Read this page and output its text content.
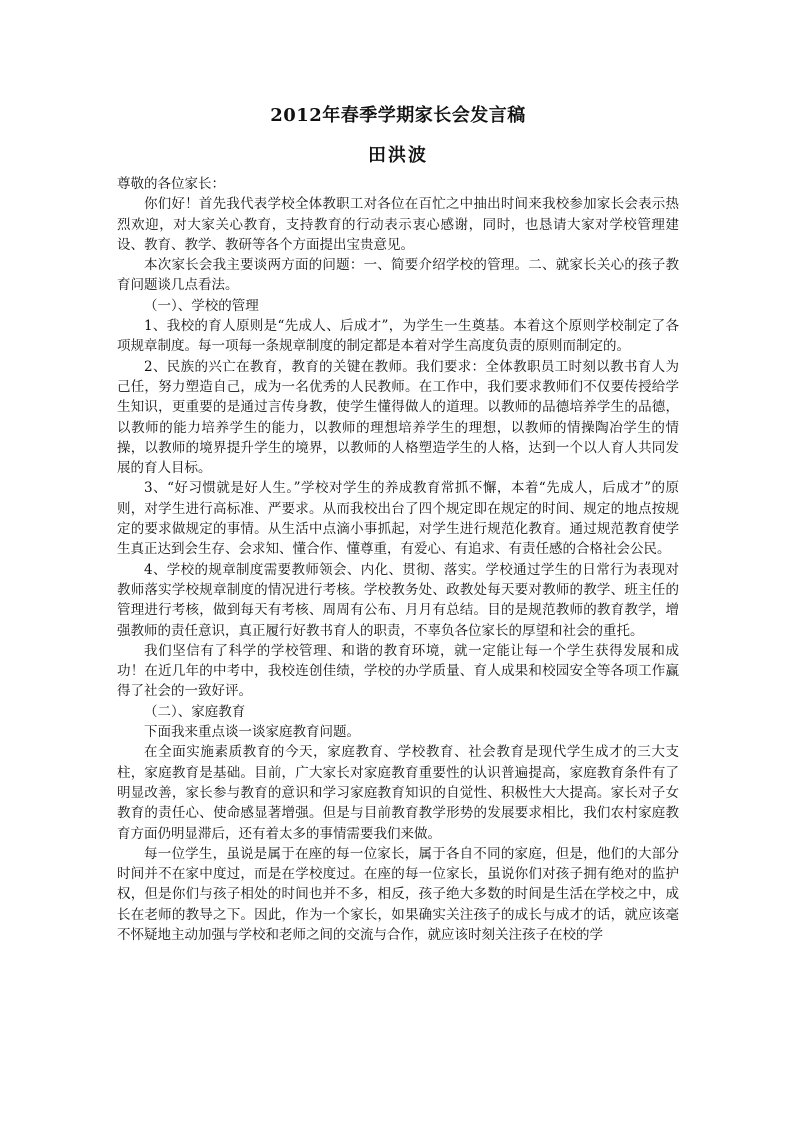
2012年春季学期家长会发言稿
田洪波

尊敬的各位家长：

你们好！首先我代表学校全体教职工对各位在百忙之中抽出时间来我校参加家长会表示热烈欢迎，对大家关心教育，支持教育的行动表示衷心感谢，同时，也恳请大家对学校管理建设、教育、教学、教研等各个方面提出宝贵意见。

本次家长会我主要谈两方面的问题：一、简要介绍学校的管理。二、就家长关心的孩子教育问题谈几点看法。

（一）、学校的管理

1、我校的育人原则是“先成人、后成才”，为学生一生奠基。本着这个原则学校制定了各项规章制度。每一项每一条规章制度的制定都是本着对学生高度负责的原则而制定的。

2、民族的兴亡在教育，教育的关键在教师。我们要求：全体教职员工时刻以教书育人为己任，努力塑造自己，成为一名优秀的人民教师。在工作中，我们要求教师们不仅要传授给学生知识，更重要的是通过言传身教，使学生懂得做人的道理。以教师的品德培养学生的品德，以教师的能力培养学生的能力，以教师的理想培养学生的理想，以教师的情操陶冶学生的情操，以教师的境界提升学生的境界，以教师的人格塑造学生的人格，达到一个以人育人共同发展的育人目标。

3、“好习惯就是好人生。”学校对学生的养成教育常抓不懈，本着“先成人，后成才”的原则，对学生进行高标准、严要求。从而我校出台了四个规定即在规定的时间、规定的地点按规定的要求做规定的事情。从生活中点滴小事抓起，对学生进行规范化教育。通过规范教育使学生真正达到会生存、会求知、懂合作、懂尊重，有爱心、有追求、有责任感的合格社会公民。

4、学校的规章制度需要教师领会、内化、贯彻、落实。学校通过学生的日常行为表现对教师落实学校规章制度的情况进行考核。学校教务处、政教处每天要对教师的教学、班主任的管理进行考核，做到每天有考核、周周有公布、月月有总结。目的是规范教师的教育教学，增强教师的责任意识，真正履行好教书育人的职责，不辜负各位家长的厚望和社会的重托。

我们坚信有了科学的学校管理、和谐的教育环境，就一定能让每一个学生获得发展和成功！在近几年的中考中，我校连创佳绩，学校的办学质量、育人成果和校园安全等各项工作赢得了社会的一致好评。

（二）、家庭教育

下面我来重点谈一谈家庭教育问题。

在全面实施素质教育的今天，家庭教育、学校教育、社会教育是现代学生成才的三大支柱，家庭教育是基础。目前，广大家长对家庭教育重要性的认识普遍提高，家庭教育条件有了明显改善，家长参与教育的意识和学习家庭教育知识的自觉性、积极性大大提高。家长对子女教育的责任心、使命感显著增强。但是与目前教育教学形势的发展要求相比，我们农村家庭教育方面仍明显滞后，还有着太多的事情需要我们来做。

每一位学生，虽说是属于在座的每一位家长，属于各自不同的家庭，但是，他们的大部分时间并不在家中度过，而是在学校度过。在座的每一位家长，虽说你们对孩子拥有绝对的监护权，但是你们与孩子相处的时间也并不多，相反，孩子绝大多数的时间是生活在学校之中，成长在老师的教导之下。因此，作为一个家长，如果确实关注孩子的成长与成才的话，就应该毫不怀疑地主动加强与学校和老师之间的交流与合作，就应该时刻关注孩子在校的学
